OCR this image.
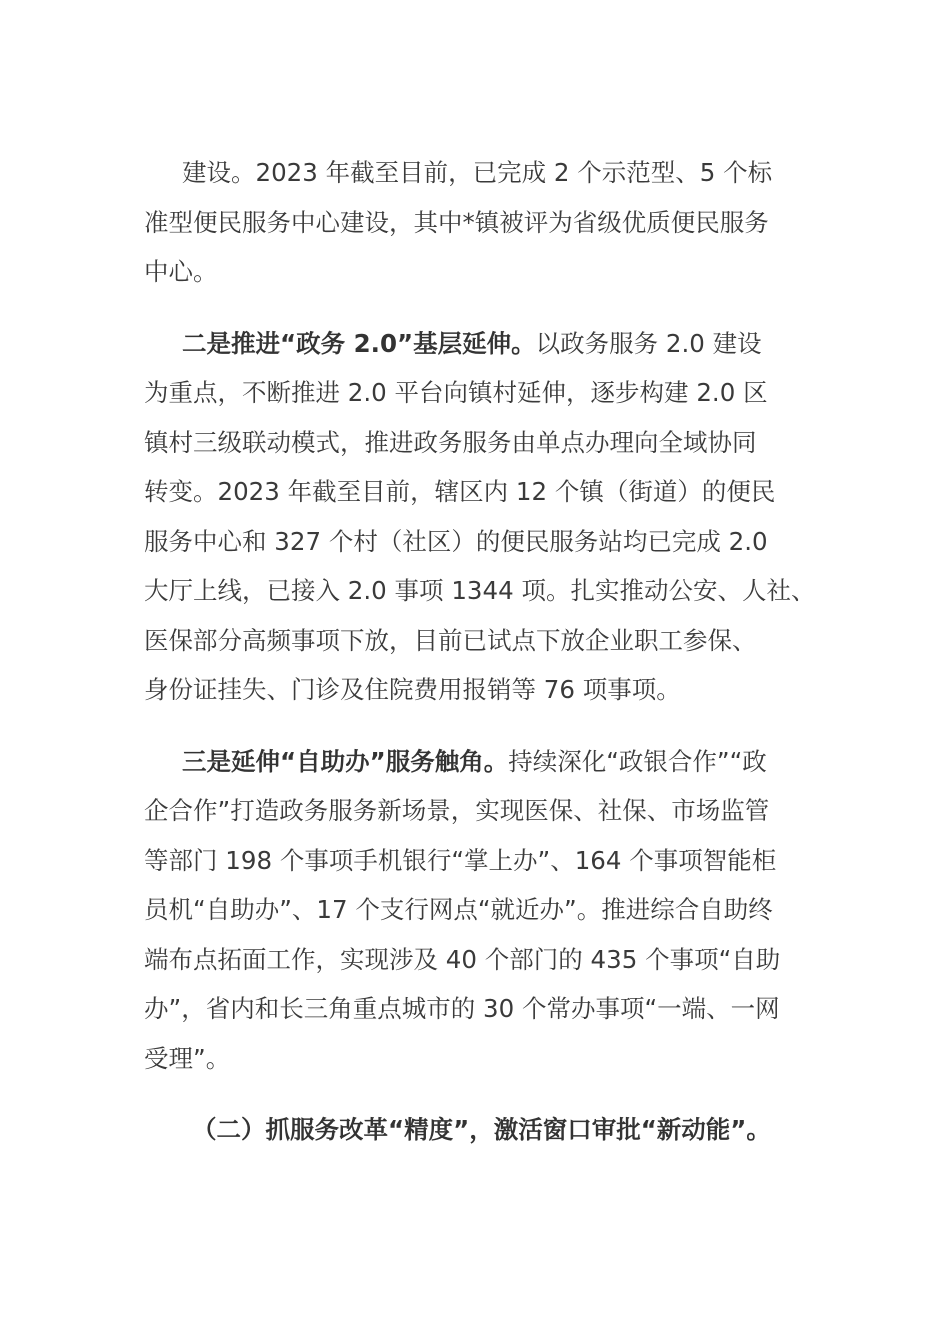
建设。2023 年截至目前，已完成 2 个示范型、5 个标
准型便民服务中心建设，其中*镇被评为省级优质便民服务
中心。
二是推进“政务 2.0”基层延伸。以政务服务 2.0 建设
为重点，不断推进 2.0 平台向镇村延伸，逐步构建 2.0 区
镇村三级联动模式，推进政务服务由单点办理向全域协同
转变。2023 年截至目前，辖区内 12 个镇（街道）的便民
服务中心和 327 个村（社区）的便民服务站均已完成 2.0
大厅上线，已接入 2.0 事项 1344 项。扎实推动公安、人社、
医保部分高频事项下放，目前已试点下放企业职工参保、
身份证挂失、门诊及住院费用报销等 76 项事项。
三是延伸“自助办”服务触角。持续深化“政银合作”“政
企合作”打造政务服务新场景，实现医保、社保、市场监管
等部门 198 个事项手机银行“掌上办”、164 个事项智能柜
员机“自助办”、17 个支行网点“就近办”。推进综合自助终
端布点拓面工作，实现涉及 40 个部门的 435 个事项“自助
办”，省内和长三角重点城市的 30 个常办事项“一端、一网
受理”。
（二）抓服务改革“精度”，激活窗口审批“新动能”。
